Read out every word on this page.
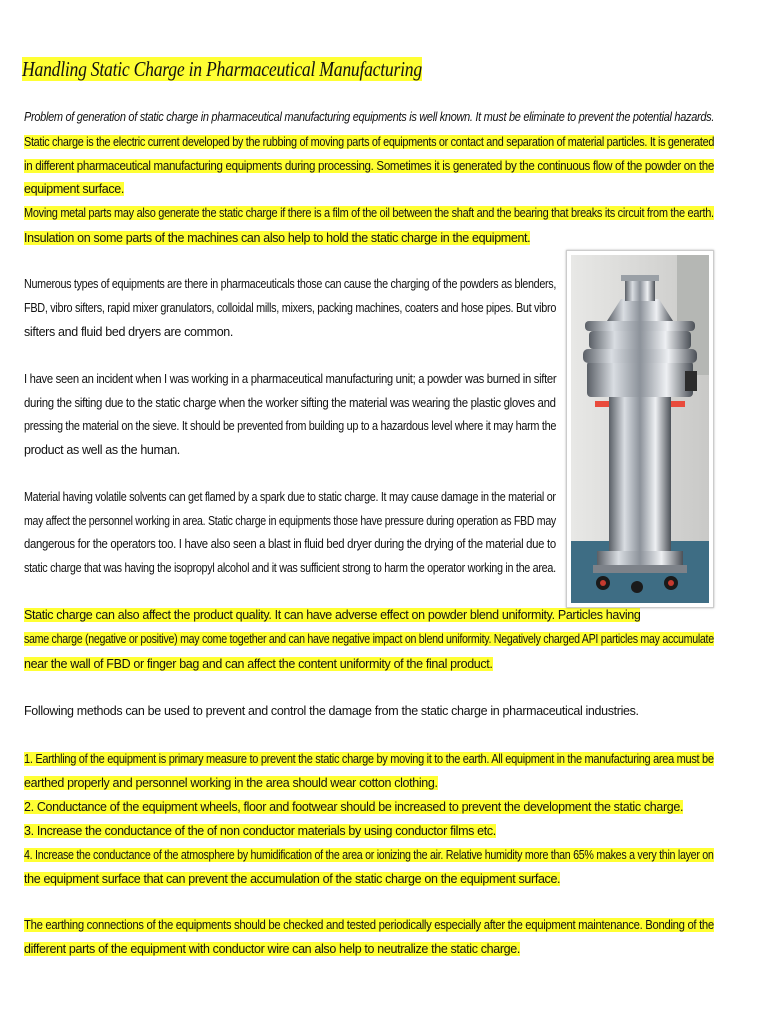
Handling Static Charge in Pharmaceutical Manufacturing
Problem of generation of static charge in pharmaceutical manufacturing equipments is well known. It must be eliminate to prevent the potential hazards.
Static charge is the electric current developed by the rubbing of moving parts of equipments or contact and separation of material particles. It is generated
in different pharmaceutical manufacturing equipments during processing. Sometimes it is generated by the continuous flow of the powder on the
equipment surface.
Moving metal parts may also generate the static charge if there is a film of the oil between the shaft and the bearing that breaks its circuit from the earth.
Insulation on some parts of the machines can also help to hold the static charge in the equipment.
Numerous types of equipments are there in pharmaceuticals those can cause the charging of the powders as blenders,
FBD, vibro sifters, rapid mixer granulators, colloidal mills, mixers, packing machines, coaters and hose pipes. But vibro
sifters and fluid bed dryers are common.
I have seen an incident when I was working in a pharmaceutical manufacturing unit; a powder was burned in sifter
during the sifting due to the static charge when the worker sifting the material was wearing the plastic gloves and
pressing the material on the sieve. It should be prevented from building up to a hazardous level where it may harm the
product as well as the human.
Material having volatile solvents can get flamed by a spark due to static charge. It may cause damage in the material or
may affect the personnel working in area. Static charge in equipments those have pressure during operation as FBD may
dangerous for the operators too. I have also seen a blast in fluid bed dryer during the drying of the material due to
static charge that was having the isopropyl alcohol and it was sufficient strong to harm the operator working in the area.
Static charge can also affect the product quality. It can have adverse effect on powder blend uniformity. Particles having
same charge (negative or positive) may come together and can have negative impact on blend uniformity. Negatively charged API particles may accumulate
near the wall of FBD or finger bag and can affect the content uniformity of the final product.
Following methods can be used to prevent and control the damage from the static charge in pharmaceutical industries.
1. Earthling of the equipment is primary measure to prevent the static charge by moving it to the earth. All equipment in the manufacturing area must be
earthed properly and personnel working in the area should wear cotton clothing.
2. Conductance of the equipment wheels, floor and footwear should be increased to prevent the development the static charge.
3. Increase the conductance of the of non conductor materials by using conductor films etc.
4. Increase the conductance of the atmosphere by humidification of the area or ionizing the air. Relative humidity more than 65% makes a very thin layer on
the equipment surface that can prevent the accumulation of the static charge on the equipment surface.
The earthing connections of the equipments should be checked and tested periodically especially after the equipment maintenance. Bonding of the
different parts of the equipment with conductor wire can also help to neutralize the static charge.
